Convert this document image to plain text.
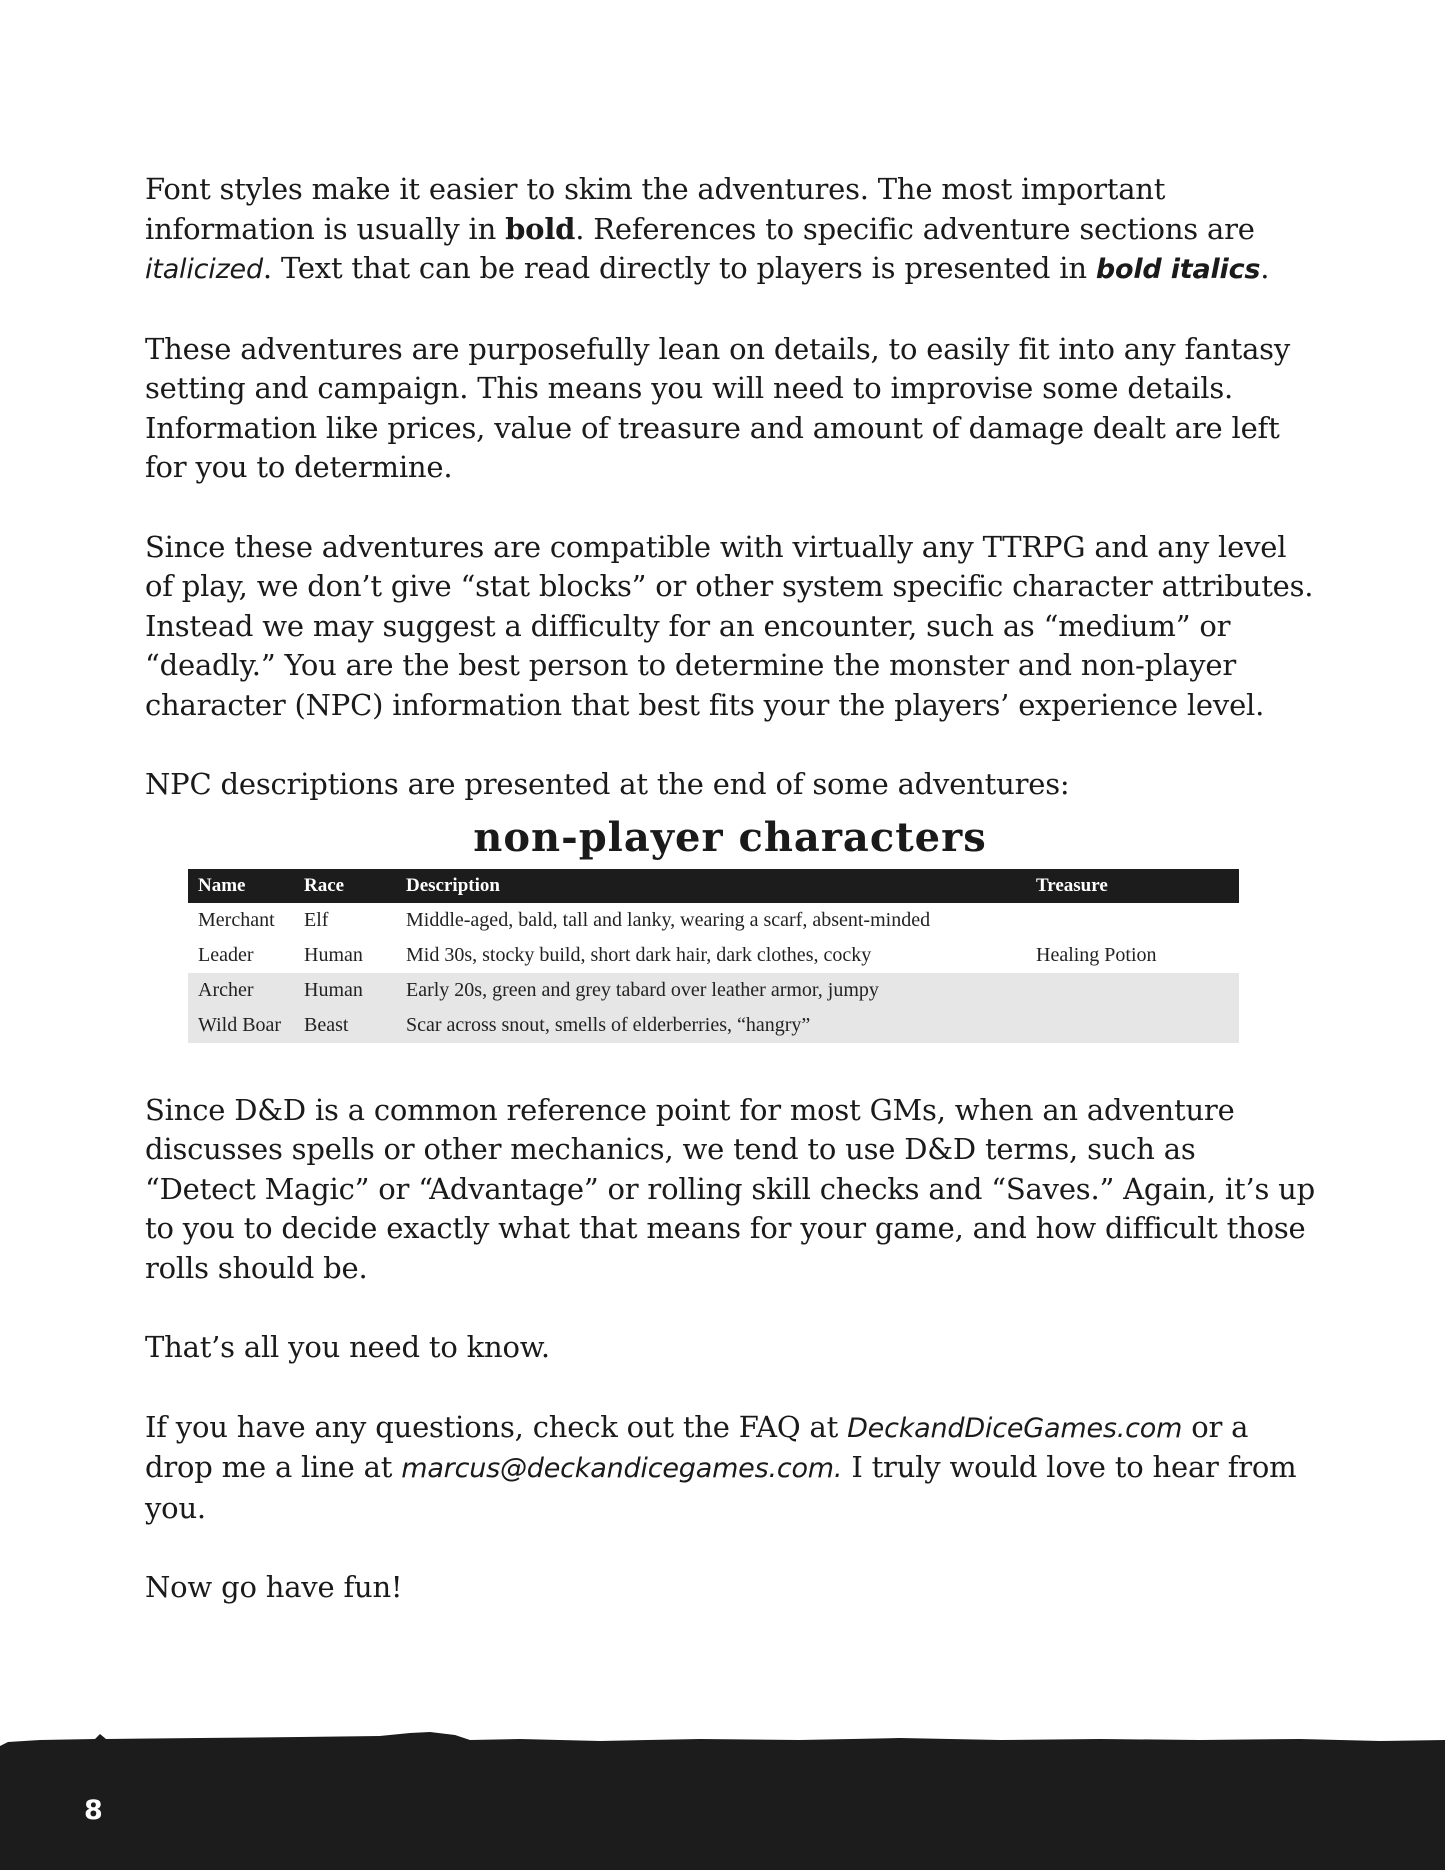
Font styles make it easier to skim the adventures. The most important information is usually in bold. References to specific adventure sections are italicized. Text that can be read directly to players is presented in bold italics.

These adventures are purposefully lean on details, to easily fit into any fantasy setting and campaign. This means you will need to improvise some details. Information like prices, value of treasure and amount of damage dealt are left for you to determine.

Since these adventures are compatible with virtually any TTRPG and any level of play, we don’t give “stat blocks” or other system specific character attributes. Instead we may suggest a difficulty for an encounter, such as “medium” or “deadly.” You are the best person to determine the monster and non-player character (NPC) information that best fits your the players’ experience level.

NPC descriptions are presented at the end of some adventures:

non-player characters
Name	Race	Description	Treasure
Merchant	Elf	Middle-aged, bald, tall and lanky, wearing a scarf, absent-minded	
Leader	Human	Mid 30s, stocky build, short dark hair, dark clothes, cocky	Healing Potion
Archer	Human	Early 20s, green and grey tabard over leather armor, jumpy	
Wild Boar	Beast	Scar across snout, smells of elderberries, “hangry”	

Since D&D is a common reference point for most GMs, when an adventure discusses spells or other mechanics, we tend to use D&D terms, such as “Detect Magic” or “Advantage” or rolling skill checks and “Saves.” Again, it’s up to you to decide exactly what that means for your game, and how difficult those rolls should be.

That’s all you need to know.

If you have any questions, check out the FAQ at DeckandDiceGames.com or a drop me a line at marcus@deckandicegames.com. I truly would love to hear from you.

Now go have fun!

8
